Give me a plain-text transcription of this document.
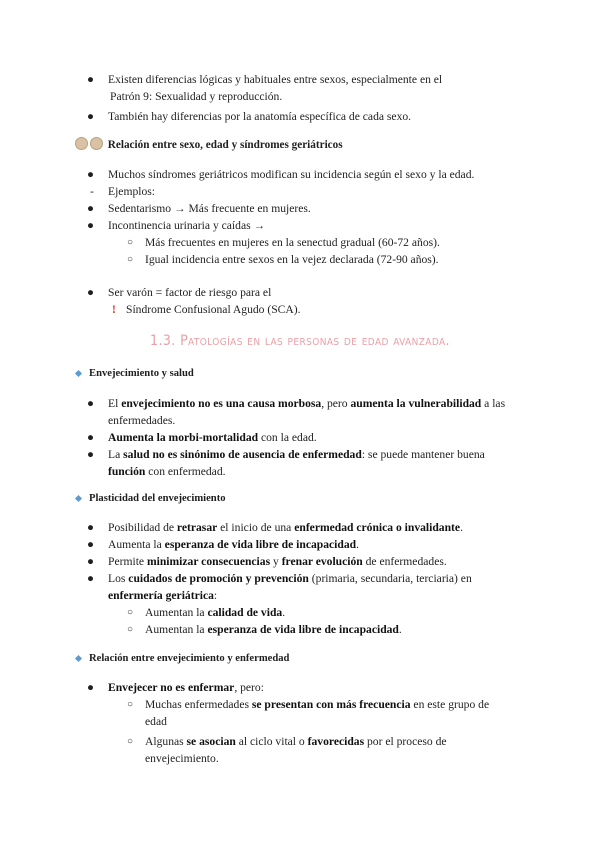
● Existen diferencias lógicas y habituales entre sexos, especialmente en el
Patrón 9: Sexualidad y reproducción.
● También hay diferencias por la anatomía específica de cada sexo.
Relación entre sexo, edad y síndromes geriátricos
● Muchos síndromes geriátricos modifican su incidencia según el sexo y la edad.
- Ejemplos:
● Sedentarismo → Más frecuente en mujeres.
● Incontinencia urinaria y caídas →
○ Más frecuentes en mujeres en la senectud gradual (60-72 años).
○ Igual incidencia entre sexos en la vejez declarada (72-90 años).
● Ser varón = factor de riesgo para el

! Síndrome Confusional Agudo (SCA).
1.3. Patologías en las personas de edad avanzada.
Envejecimiento y salud
● El envejecimiento no es una causa morbosa, pero aumenta la vulnerabilidad a las
enfermedades.
● Aumenta la morbi-mortalidad con la edad.
● La salud no es sinónimo de ausencia de enfermedad: se puede mantener buena
función con enfermedad.
Plasticidad del envejecimiento
● Posibilidad de retrasar el inicio de una enfermedad crónica o invalidante.
● Aumenta la esperanza de vida libre de incapacidad.
● Permite minimizar consecuencias y frenar evolución de enfermedades.
● Los cuidados de promoción y prevención (primaria, secundaria, terciaria) en
enfermería geriátrica:
○ Aumentan la calidad de vida.
○ Aumentan la esperanza de vida libre de incapacidad.
Relación entre envejecimiento y enfermedad
● Envejecer no es enfermar, pero:
○ Muchas enfermedades se presentan con más frecuencia en este grupo de
edad
○ Algunas se asocian al ciclo vital o favorecidas por el proceso de
envejecimiento.
